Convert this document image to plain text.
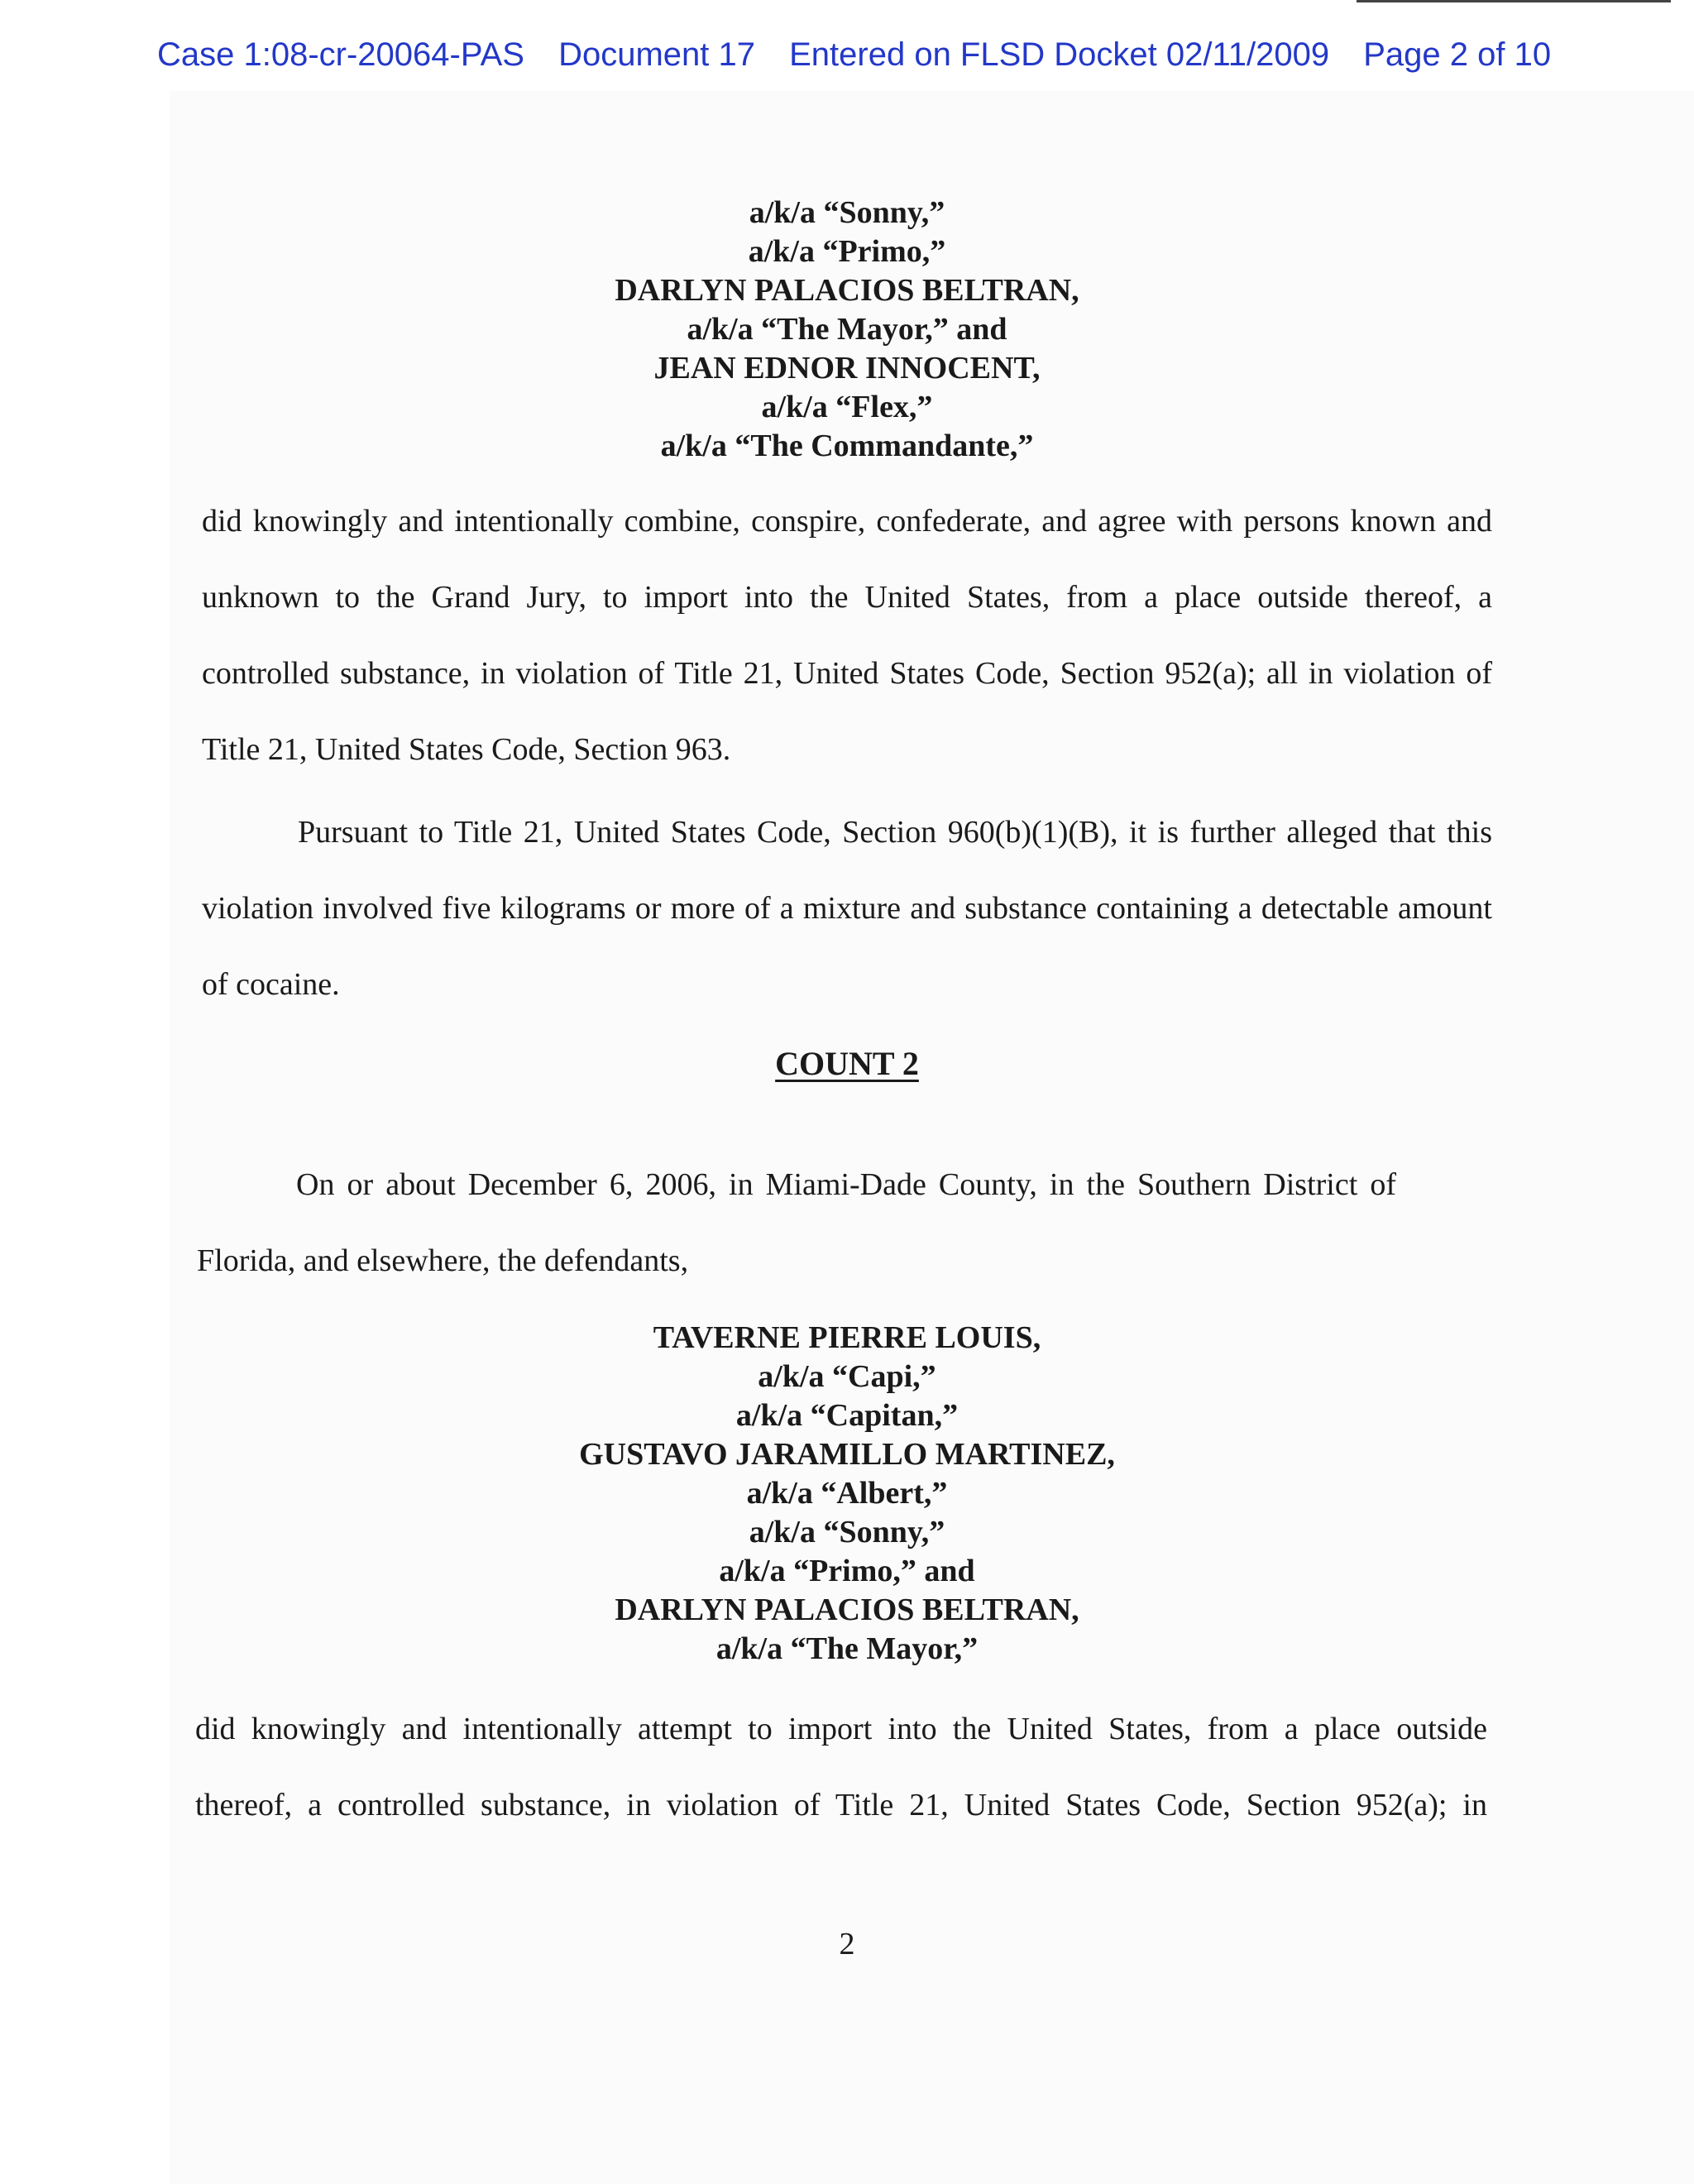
Case 1:08-cr-20064-PAS Document 17 Entered on FLSD Docket 02/11/2009 Page 2 of 10
a/k/a “Sonny,”
a/k/a “Primo,”
DARLYN PALACIOS BELTRAN,
a/k/a “The Mayor,” and
JEAN EDNOR INNOCENT,
a/k/a “Flex,”
a/k/a “The Commandante,”
did knowingly and intentionally combine, conspire, confederate, and agree with persons known and
unknown to the Grand Jury, to import into the United States, from a place outside thereof, a
controlled substance, in violation of Title 21, United States Code, Section 952(a); all in violation of
Title 21, United States Code, Section 963.
Pursuant to Title 21, United States Code, Section 960(b)(1)(B), it is further alleged that this
violation involved five kilograms or more of a mixture and substance containing a detectable amount
of cocaine.
COUNT 2
On or about December 6, 2006, in Miami-Dade County, in the Southern District of
Florida, and elsewhere, the defendants,
TAVERNE PIERRE LOUIS,
a/k/a “Capi,”
a/k/a “Capitan,”
GUSTAVO JARAMILLO MARTINEZ,
a/k/a “Albert,”
a/k/a “Sonny,”
a/k/a “Primo,” and
DARLYN PALACIOS BELTRAN,
a/k/a “The Mayor,”
did knowingly and intentionally attempt to import into the United States, from a place outside
thereof, a controlled substance, in violation of Title 21, United States Code, Section 952(a); in
2
